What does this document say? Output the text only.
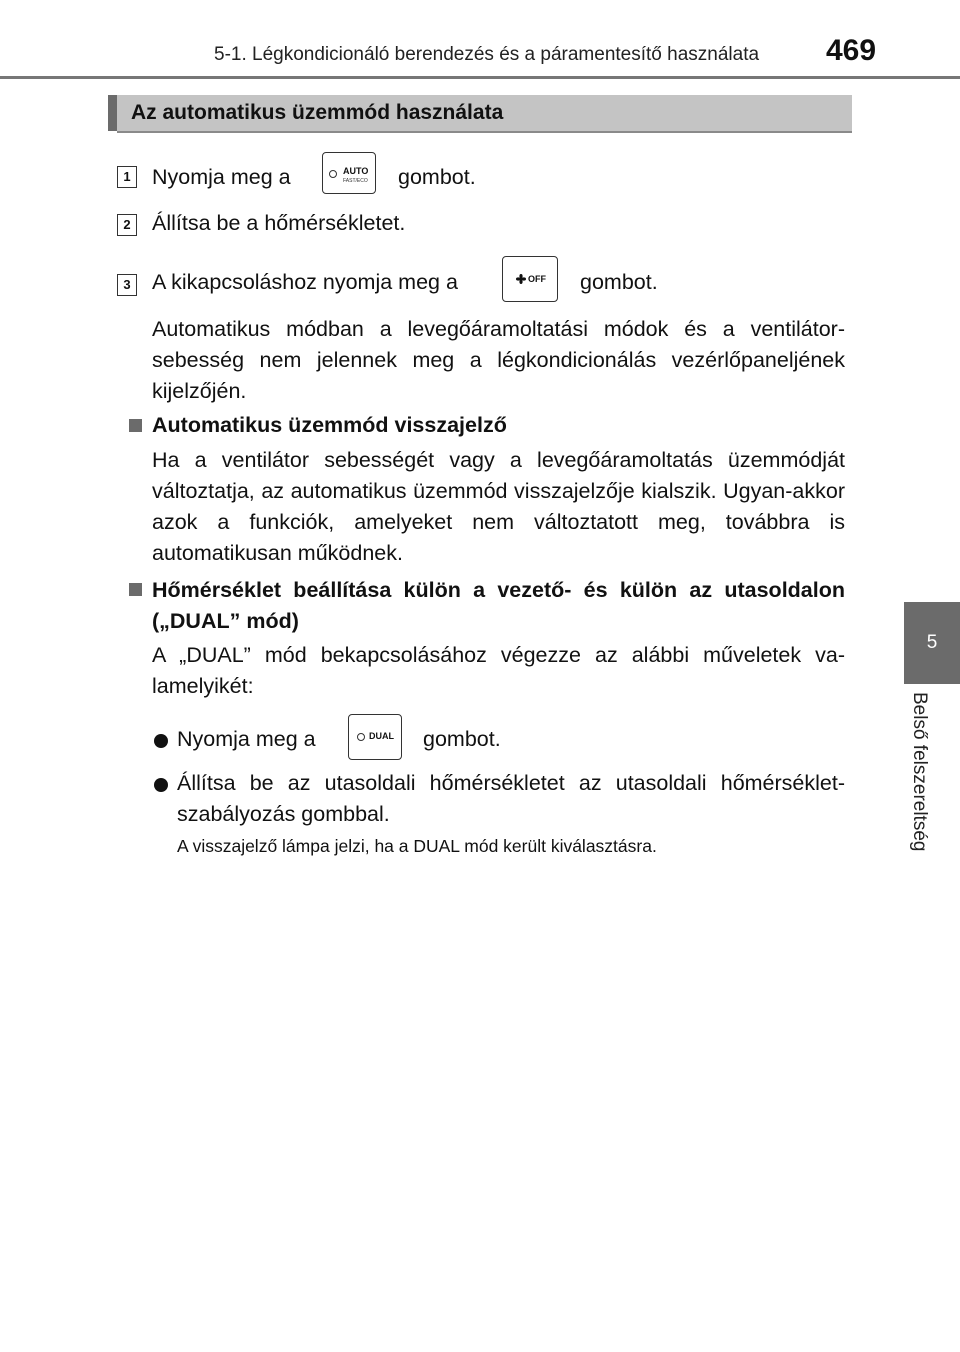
5-1. Légkondicionáló berendezés és a páramentesítő használata 469
5
Belső felszereltség
Az automatikus üzemmód használata
1 Nyomja meg a	AUTO
FAST/ECO gombot.
2 Állítsa be a hőmérsékletet.
3 A kikapcsoláshoz nyomja meg a	OFF gombot.
Automatikus módban a levegőáramoltatási módok és a ventilátor-sebesség nem jelennek meg a légkondicionálás vezérlőpaneljének kijelzőjén.
Automatikus üzemmód visszajelző
Ha a ventilátor sebességét vagy a levegőáramoltatás üzemmódját változtatja, az automatikus üzemmód visszajelzője kialszik. Ugyan-akkor azok a funkciók, amelyeket nem változtatott meg, továbbra is automatikusan működnek.
Hőmérséklet beállítása külön a vezető- és külön az utasoldalon („DUAL” mód)
A „DUAL” mód bekapcsolásához végezze az alábbi műveletek va-lamelyikét:
Nyomja meg a	DUAL gombot.
Állítsa be az utasoldali hőmérsékletet az utasoldali hőmérséklet-szabályozás gombbal.
A visszajelző lámpa jelzi, ha a DUAL mód került kiválasztásra.
